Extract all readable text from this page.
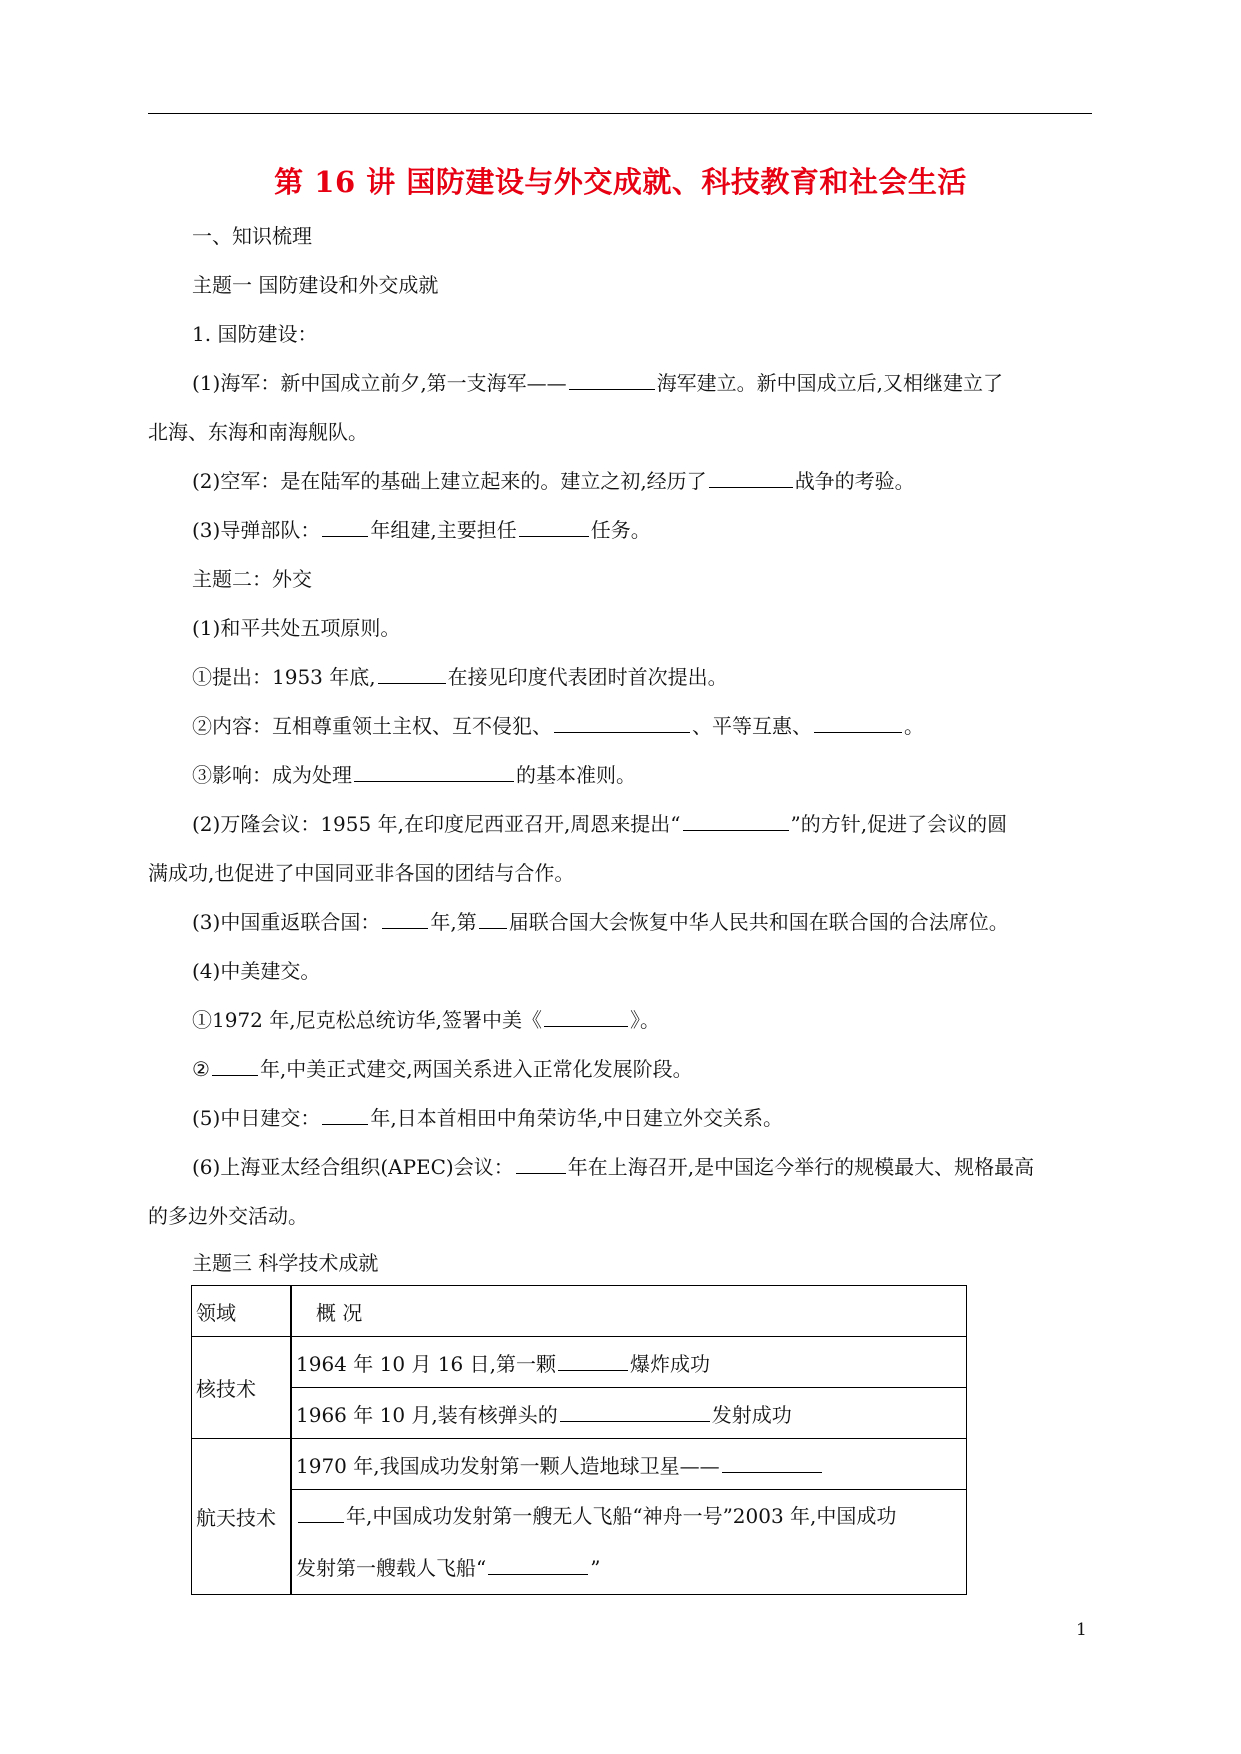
第 16 讲 国防建设与外交成就、科技教育和社会生活
一、知识梳理
主题一 国防建设和外交成就
1. 国防建设：
(1)海军：新中国成立前夕,第一支海军——	海军建立。新中国成立后,又相继建立了
北海、东海和南海舰队。
(2)空军：是在陆军的基础上建立起来的。建立之初,经历了	战争的考验。
(3)导弹部队：	年组建,主要担任	任务。
主题二：外交
(1)和平共处五项原则。
①提出：1953 年底,	在接见印度代表团时首次提出。
②内容：互相尊重领土主权、互不侵犯、	、平等互惠、	。
③影响：成为处理	的基本准则。
(2)万隆会议：1955 年,在印度尼西亚召开,周恩来提出“	”的方针,促进了会议的圆
满成功,也促进了中国同亚非各国的团结与合作。
(3)中国重返联合国：	年,第 届联合国大会恢复中华人民共和国在联合国的合法席位。
(4)中美建交。
①1972 年,尼克松总统访华,签署中美《	》。
②	年,中美正式建交,两国关系进入正常化发展阶段。
(5)中日建交：	年,日本首相田中角荣访华,中日建立外交关系。
(6)上海亚太经合组织(APEC)会议：	年在上海召开,是中国迄今举行的规模最大、规格最高
的多边外交活动。
主题三 科学技术成就
领域	概 况
核技术	1964 年 10 月 16 日,第一颗 爆炸成功
	1966 年 10 月,装有核弹头的 发射成功
航天技术	1970 年,我国成功发射第一颗人造地球卫星——
	年,中国成功发射第一艘无人飞船“神舟一号”2003 年,中国成功
发射第一艘载人飞船“ ”
1
